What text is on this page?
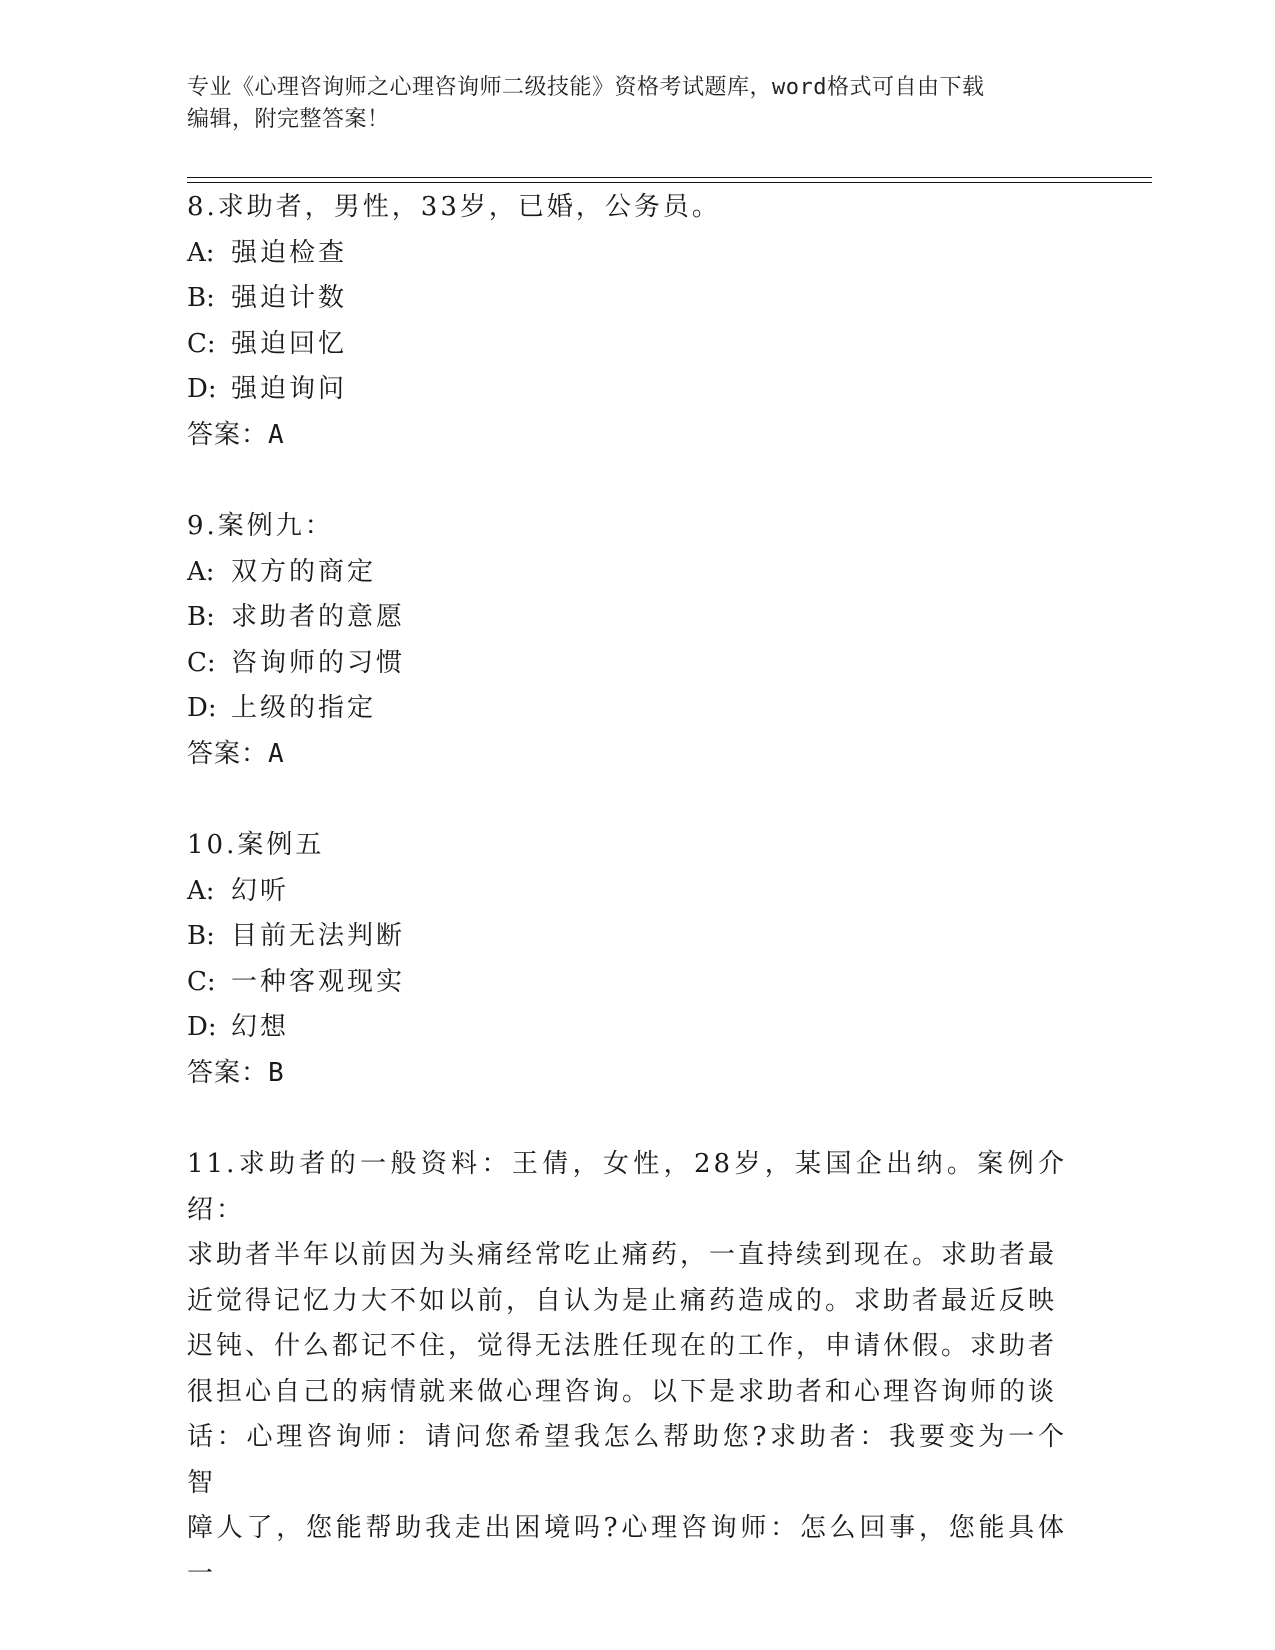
专业《心理咨询师之心理咨询师二级技能》资格考试题库，word格式可自由下载
编辑，附完整答案！
8.求助者，男性，33岁，已婚，公务员。
A: 强迫检查
B: 强迫计数
C: 强迫回忆
D: 强迫询问
答案：A
9.案例九：
A: 双方的商定
B: 求助者的意愿
C: 咨询师的习惯
D: 上级的指定
答案：A
10.案例五
A: 幻听
B: 目前无法判断
C: 一种客观现实
D: 幻想
答案：B
11.求助者的一般资料：王倩，女性，28岁，某国企出纳。案例介绍：
求助者半年以前因为头痛经常吃止痛药，一直持续到现在。求助者最
近觉得记忆力大不如以前，自认为是止痛药造成的。求助者最近反映
迟钝、什么都记不住，觉得无法胜任现在的工作，申请休假。求助者
很担心自己的病情就来做心理咨询。以下是求助者和心理咨询师的谈
话：心理咨询师：请问您希望我怎么帮助您?求助者：我要变为一个智
障人了，您能帮助我走出困境吗?心理咨询师：怎么回事，您能具体一
